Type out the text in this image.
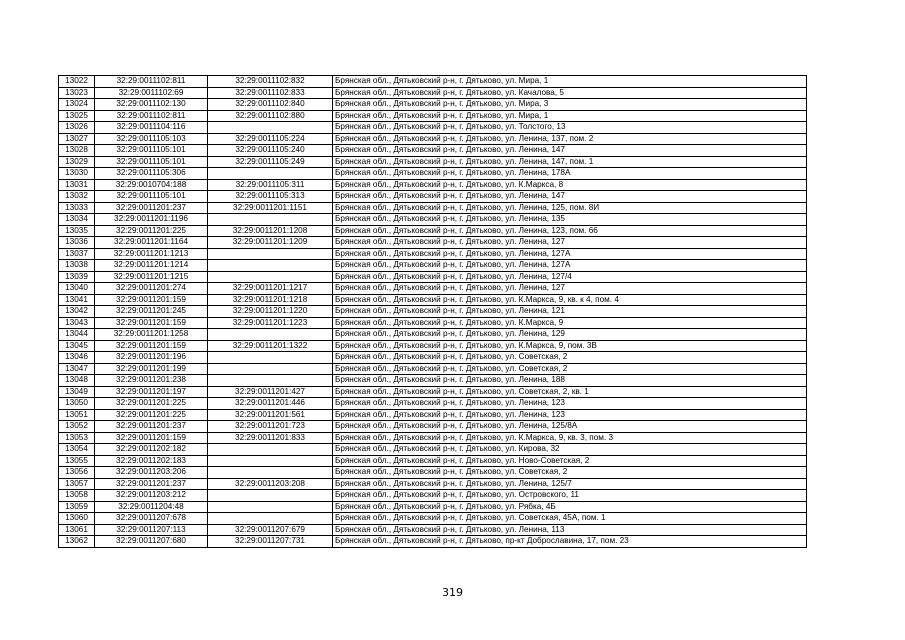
13022	32:29:0011102:811	32:29:0011102:832	Брянская обл., Дятьковский р-н, г. Дятьково, ул. Мира, 1
13023	32:29:0011102:69	32:29:0011102:833	Брянская обл., Дятьковский р-н, г. Дятьково, ул. Качалова, 5
13024	32:29:0011102:130	32:29:0011102:840	Брянская обл., Дятьковский р-н, г. Дятьково, ул. Мира, 3
13025	32:29:0011102:811	32:29:0011102:880	Брянская обл., Дятьковский р-н, г. Дятьково, ул. Мира, 1
13026	32:29:0011104:116		Брянская обл., Дятьковский р-н, г. Дятьково, ул. Толстого, 13
13027	32:29:0011105:103	32:29:0011105:224	Брянская обл., Дятьковский р-н, г. Дятьково, ул. Ленина, 137, пом. 2
13028	32:29:0011105:101	32:29:0011105:240	Брянская обл., Дятьковский р-н, г. Дятьково, ул. Ленина, 147
13029	32:29:0011105:101	32:29:0011105:249	Брянская обл., Дятьковский р-н, г. Дятьково, ул. Ленина, 147, пом. 1
13030	32:29:0011105:306		Брянская обл., Дятьковский р-н, г. Дятьково, ул. Ленина, 178А
13031	32:29:0010704:188	32:29:0011105:311	Брянская обл., Дятьковский р-н, г. Дятьково, ул. К.Маркса, 8
13032	32:29:0011105:101	32:29:0011105:313	Брянская обл., Дятьковский р-н, г. Дятьково, ул. Ленина, 147
13033	32:29:0011201:237	32:29:0011201:1151	Брянская обл., Дятьковский р-н, г. Дятьково, ул. Ленина, 125, пом. 8И
13034	32:29:0011201:1196		Брянская обл., Дятьковский р-н, г. Дятьково, ул. Ленина, 135
13035	32:29:0011201:225	32:29:0011201:1208	Брянская обл., Дятьковский р-н, г. Дятьково, ул. Ленина, 123, пом. 66
13036	32:29:0011201:1164	32:29:0011201:1209	Брянская обл., Дятьковский р-н, г. Дятьково, ул. Ленина, 127
13037	32:29:0011201:1213		Брянская обл., Дятьковский р-н, г. Дятьково, ул. Ленина, 127А
13038	32:29:0011201:1214		Брянская обл., Дятьковский р-н, г. Дятьково, ул. Ленина, 127А
13039	32:29:0011201:1215		Брянская обл., Дятьковский р-н, г. Дятьково, ул. Ленина, 127/4
13040	32:29:0011201:274	32:29:0011201:1217	Брянская обл., Дятьковский р-н, г. Дятьково, ул. Ленина, 127
13041	32:29:0011201:159	32:29:0011201:1218	Брянская обл., Дятьковский р-н, г. Дятьково, ул. К.Маркса, 9, кв. к 4, пом. 4
13042	32:29:0011201:245	32:29:0011201:1220	Брянская обл., Дятьковский р-н, г. Дятьково, ул. Ленина, 121
13043	32:29:0011201:159	32:29:0011201:1223	Брянская обл., Дятьковский р-н, г. Дятьково, ул. К.Маркса, 9
13044	32:29:0011201:1258		Брянская обл., Дятьковский р-н, г. Дятьково, ул. Ленина, 129
13045	32:29:0011201:159	32:29:0011201:1322	Брянская обл., Дятьковский р-н, г. Дятьково, ул. К.Маркса, 9, пом. 3В
13046	32:29:0011201:196		Брянская обл., Дятьковский р-н, г. Дятьково, ул. Советская, 2
13047	32:29:0011201:199		Брянская обл., Дятьковский р-н, г. Дятьково, ул. Советская, 2
13048	32:29:0011201:238		Брянская обл., Дятьковский р-н, г. Дятьково, ул. Ленина, 188
13049	32:29:0011201:197	32:29:0011201:427	Брянская обл., Дятьковский р-н, г. Дятьково, ул. Советская, 2, кв. 1
13050	32:29:0011201:225	32:29:0011201:446	Брянская обл., Дятьковский р-н, г. Дятьково, ул. Ленина, 123
13051	32:29:0011201:225	32:29:0011201:561	Брянская обл., Дятьковский р-н, г. Дятьково, ул. Ленина, 123
13052	32:29:0011201:237	32:29:0011201:723	Брянская обл., Дятьковский р-н, г. Дятьково, ул. Ленина, 125/8А
13053	32:29:0011201:159	32:29:0011201:833	Брянская обл., Дятьковский р-н, г. Дятьково, ул. К.Маркса, 9, кв. 3, пом. 3
13054	32:29:0011202:182		Брянская обл., Дятьковский р-н, г. Дятьково, ул. Кирова, 32
13055	32:29:0011202:183		Брянская обл., Дятьковский р-н, г. Дятьково, ул. Ново-Советская, 2
13056	32:29:0011203:206		Брянская обл., Дятьковский р-н, г. Дятьково, ул. Советская, 2
13057	32:29:0011201:237	32:29:0011203:208	Брянская обл., Дятьковский р-н, г. Дятьково, ул. Ленина, 125/7
13058	32:29:0011203:212		Брянская обл., Дятьковский р-н, г. Дятьково, ул. Островского, 11
13059	32:29:0011204:48		Брянская обл., Дятьковский р-н, г. Дятьково, ул. Рябка, 4Б
13060	32:29:0011207:678		Брянская обл., Дятьковский р-н, г. Дятьково, ул. Советская, 45А, пом. 1
13061	32:29:0011207:113	32:29:0011207:679	Брянская обл., Дятьковский р-н, г. Дятьково, ул. Ленина, 113
13062	32:29:0011207:680	32:29:0011207:731	Брянская обл., Дятьковский р-н, г. Дятьково, пр-кт Доброславина, 17, пом. 23
319
